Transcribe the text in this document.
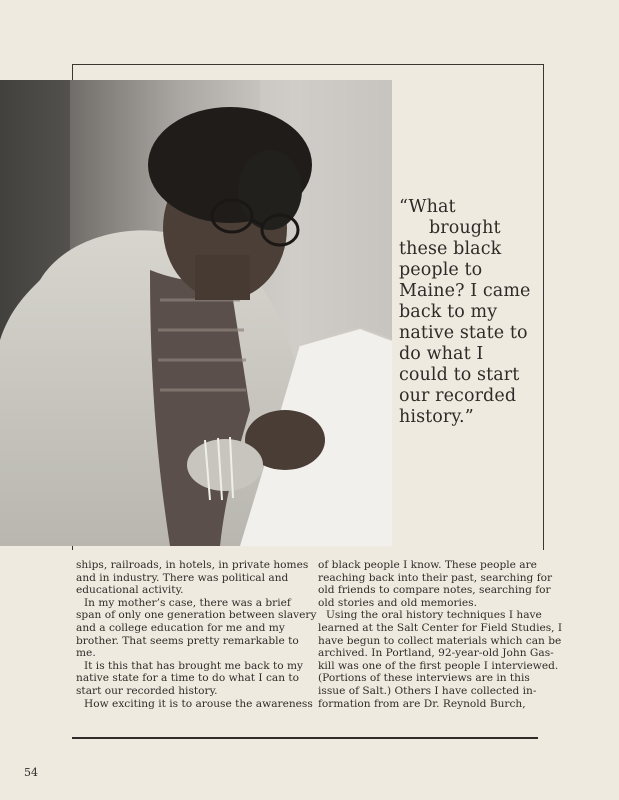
“What
brought
these black
people to
Maine? I came
back to my
native state to
do what I
could to start
our recorded
history.”
ships, railroads, in hotels, in private homes
and in industry. There was political and
educational activity.
In my mother’s case, there was a brief
span of only one generation between slavery
and a college education for me and my
brother. That seems pretty remarkable to
me.
It is this that has brought me back to my
native state for a time to do what I can to
start our recorded history.
How exciting it is to arouse the awareness
of black people I know. These people are
reaching back into their past, searching for
old friends to compare notes, searching for
old stories and old memories.
Using the oral history techniques I have
learned at the Salt Center for Field Studies, I
have begun to collect materials which can be
archived. In Portland, 92-year-old John Gas-
kill was one of the first people I interviewed.
(Portions of these interviews are in this
issue of Salt.) Others I have collected in-
formation from are Dr. Reynold Burch,
54
